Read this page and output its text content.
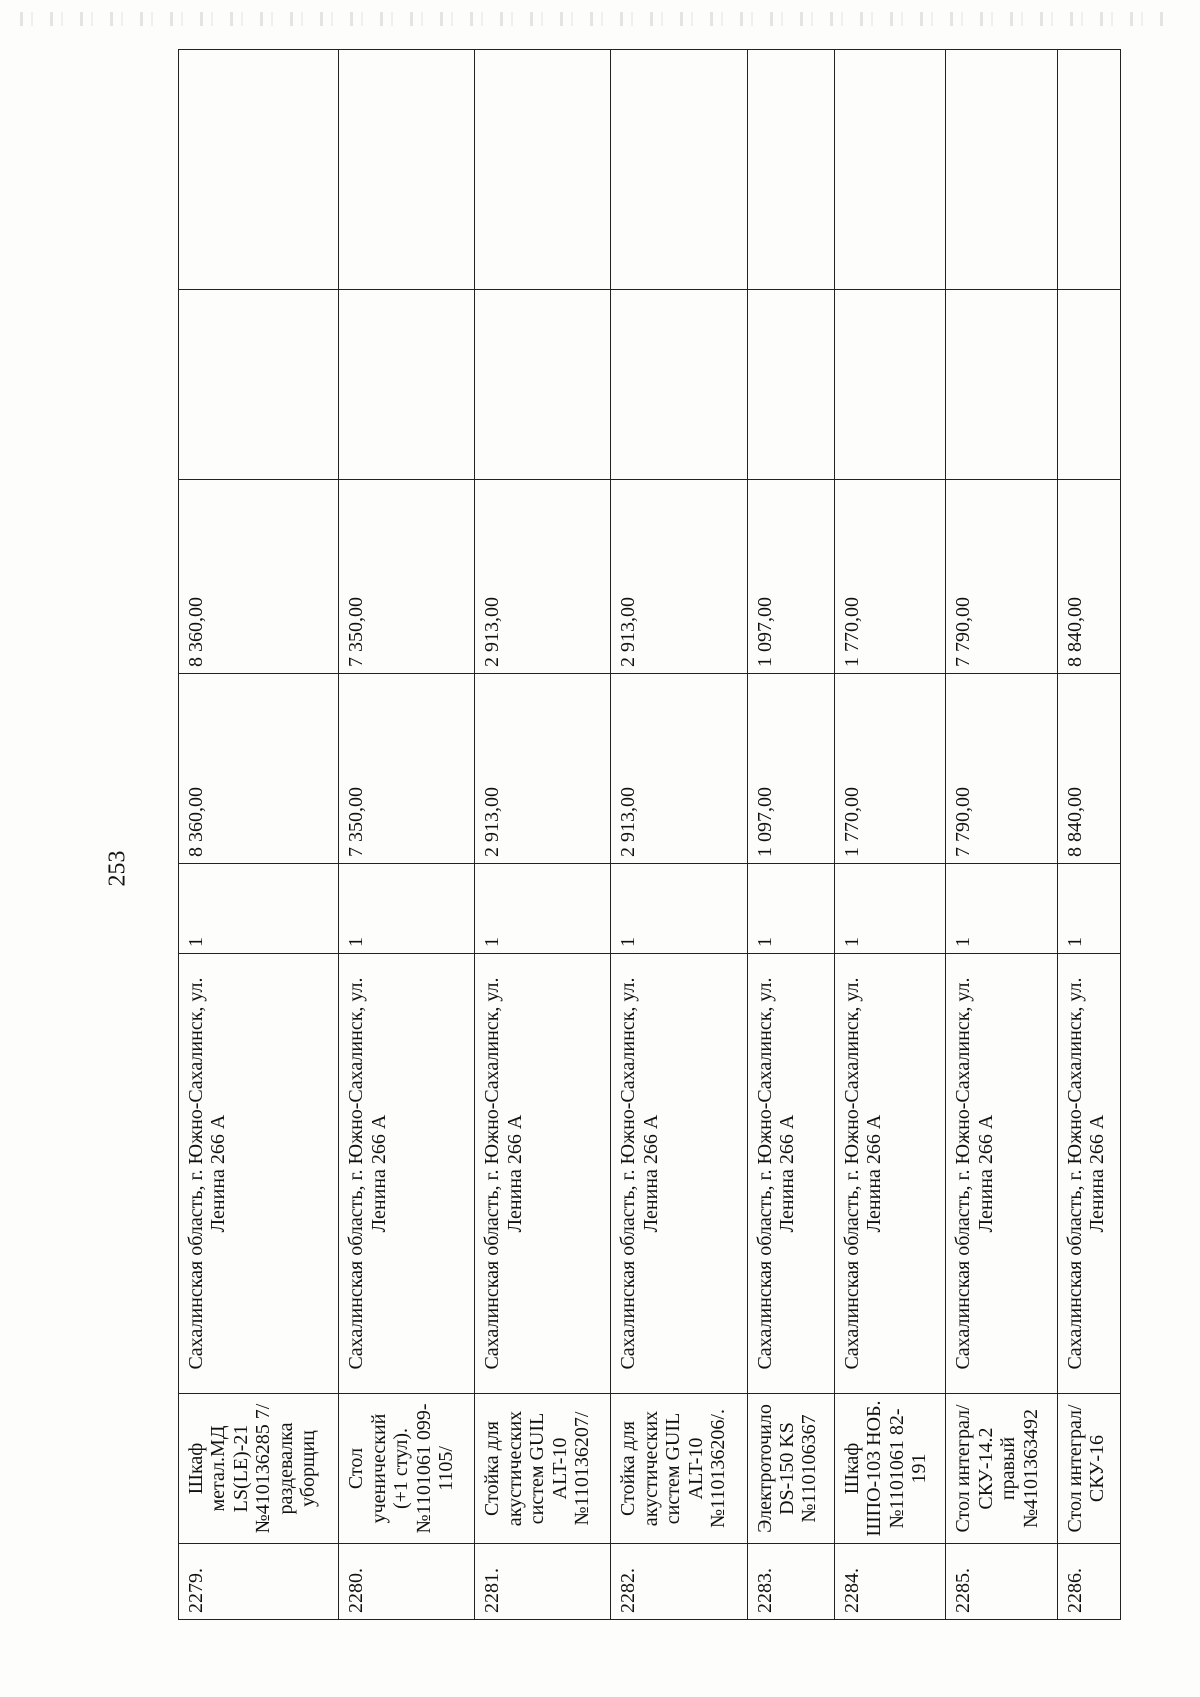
253
2279.	Шкаф метал.МД LS(LE)-21 №410136285 7/раздевалка уборщиц	Сахалинская область, г. Южно-Сахалинск, ул. Ленина 266 А	1	8 360,00	8 360,00		
2280.	Стол ученический (+1 стул).№1101061 099-1105/	Сахалинская область, г. Южно-Сахалинск, ул. Ленина 266 А	1	7 350,00	7 350,00		
2281.	Стойка для акустических систем GUIL ALT-10 №110136207/	Сахалинская область, г. Южно-Сахалинск, ул. Ленина 266 А	1	2 913,00	2 913,00		
2282.	Стойка для акустических систем GUIL ALT-10 №110136206/.	Сахалинская область, г. Южно-Сахалинск, ул. Ленина 266 А	1	2 913,00	2 913,00		
2283.	Электроточило DS-150 KS №110106367	Сахалинская область, г. Южно-Сахалинск, ул. Ленина 266 А	1	1 097,00	1 097,00		
2284.	Шкаф ШПО-103 НОБ.№1101061 82-191	Сахалинская область, г. Южно-Сахалинск, ул. Ленина 266 А	1	1 770,00	1 770,00		
2285.	Стол интеграл/СКУ-14.2 правый №4101363492	Сахалинская область, г. Южно-Сахалинск, ул. Ленина 266 А	1	7 790,00	7 790,00		
2286.	Стол интеграл/СКУ-16	Сахалинская область, г. Южно-Сахалинск, ул. Ленина 266 А	1	8 840,00	8 840,00		
